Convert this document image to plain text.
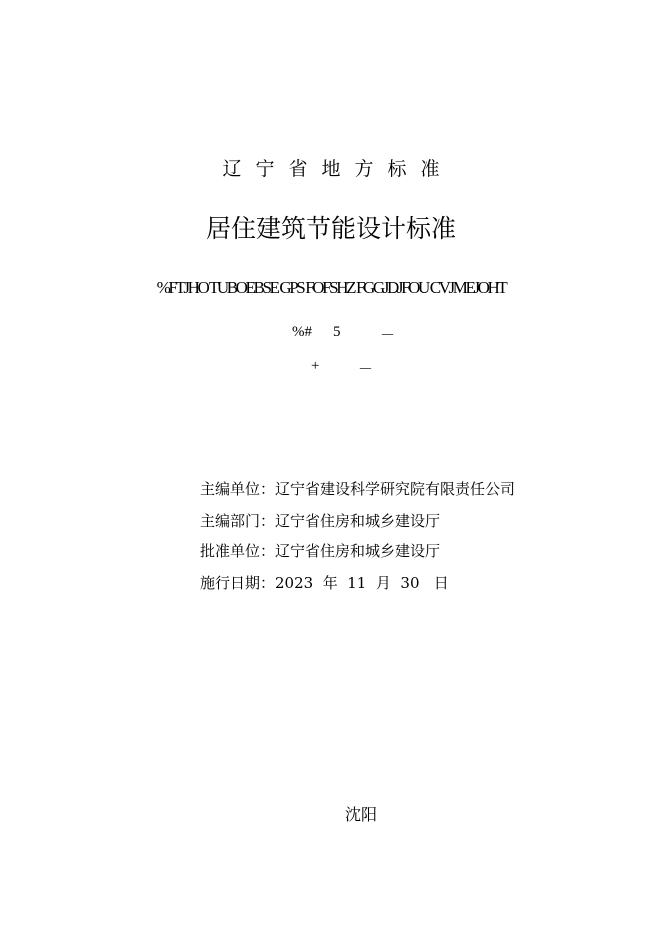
辽宁省地方标准
居住建筑节能设计标准
%FTJHO TUBOEBSE GPS FOFSHZ FGGJDJFOU CVJMEJOHT
%# 5	－
+	－
主编单位：辽宁省建设科学研究院有限责任公司
主编部门：辽宁省住房和城乡建设厅
批准单位：辽宁省住房和城乡建设厅
施行日期：2023  年  11  月  30   日
沈阳
